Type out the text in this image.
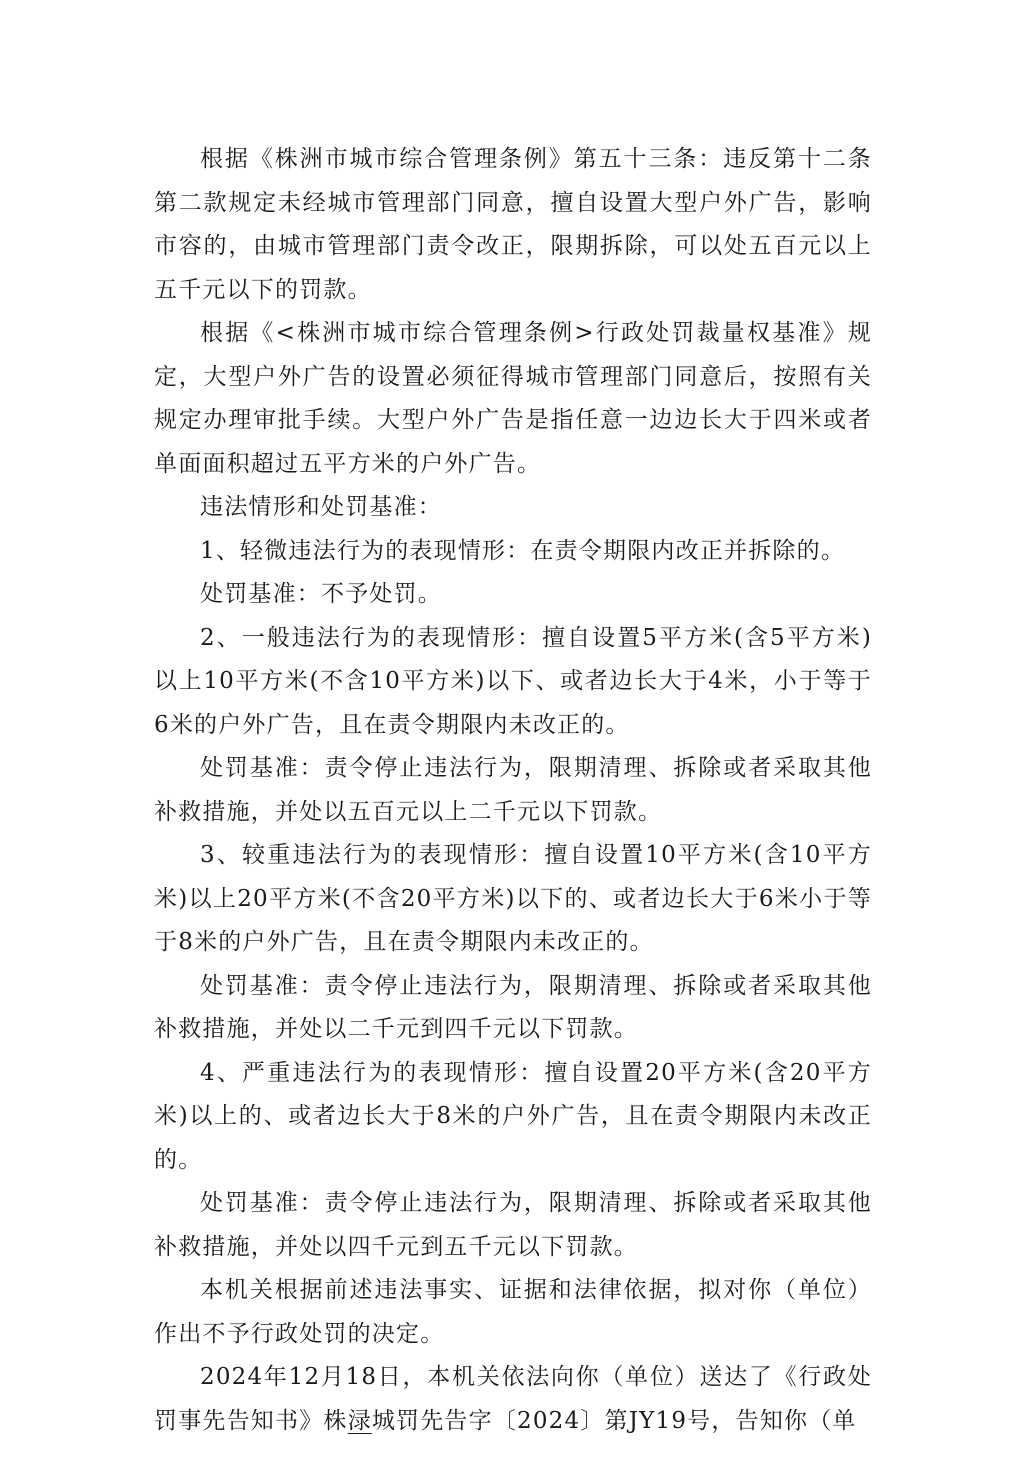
根据《株洲市城市综合管理条例》第五十三条：违反第十二条第二款规定未经城市管理部门同意，擅自设置大型户外广告，影响市容的，由城市管理部门责令改正，限期拆除，可以处五百元以上五千元以下的罚款。

根据《<株洲市城市综合管理条例>行政处罚裁量权基准》规定，大型户外广告的设置必须征得城市管理部门同意后，按照有关规定办理审批手续。大型户外广告是指任意一边边长大于四米或者单面面积超过五平方米的户外广告。

违法情形和处罚基准：

1、轻微违法行为的表现情形：在责令期限内改正并拆除的。

处罚基准：不予处罚。

2、一般违法行为的表现情形：擅自设置5平方米(含5平方米)以上10平方米(不含10平方米)以下、或者边长大于4米，小于等于6米的户外广告，且在责令期限内未改正的。

处罚基准：责令停止违法行为，限期清理、拆除或者采取其他补救措施，并处以五百元以上二千元以下罚款。

3、较重违法行为的表现情形：擅自设置10平方米(含10平方米)以上20平方米(不含20平方米)以下的、或者边长大于6米小于等于8米的户外广告，且在责令期限内未改正的。

处罚基准：责令停止违法行为，限期清理、拆除或者采取其他补救措施，并处以二千元到四千元以下罚款。

4、严重违法行为的表现情形：擅自设置20平方米(含20平方米)以上的、或者边长大于8米的户外广告，且在责令期限内未改正的。

处罚基准：责令停止违法行为，限期清理、拆除或者采取其他补救措施，并处以四千元到五千元以下罚款。

本机关根据前述违法事实、证据和法律依据，拟对你（单位）作出不予行政处罚的决定。

2024年12月18日，本机关依法向你（单位）送达了《行政处罚事先告知书》株渌城罚先告字〔2024〕第JY19号，告知你（单
